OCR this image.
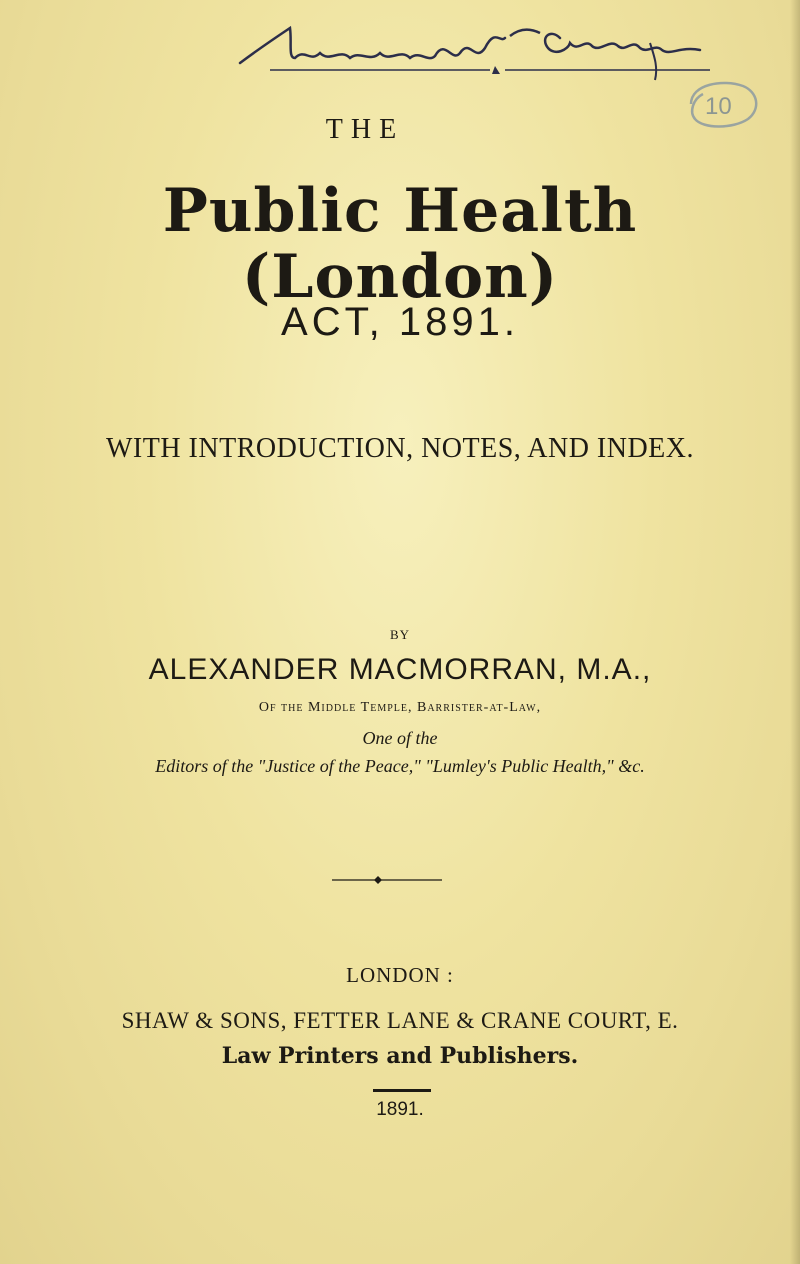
10
THE
Public Health (London)
ACT, 1891.
WITH INTRODUCTION, NOTES, AND INDEX.
BY
ALEXANDER MACMORRAN, M.A.,
Of the Middle Temple, Barrister-at-Law,
One of the
Editors of the "Justice of the Peace," "Lumley's Public Health," &c.
LONDON :
SHAW & SONS, FETTER LANE & CRANE COURT, E.
Law Printers and Publishers.
1891.
